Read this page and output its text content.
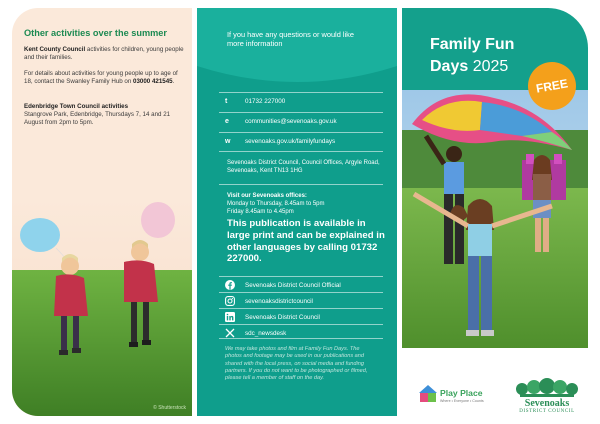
Other activities over the summer
Kent County Council activities for children, young people and their families.
For details about activities for young people up to age of 18, contact the Swanley Family Hub on 03000 421545.
Edenbridge Town Council activities
Stangrove Park, Edenbridge, Thursdays 7, 14 and 21 August from 2pm to 5pm.
© Shutterstock
If you have any questions or would like more information
t	01732 227000
e	communities@sevenoaks.gov.uk
w sevenoaks.gov.uk/familyfundays
Sevenoaks District Council, Council Offices, Argyle Road, Sevenoaks, Kent TN13 1HG
Visit our Sevenoaks offices:
Monday to Thursday, 8.45am to 5pm
Friday 8.45am to 4.45pm
This publication is available in large print and can be explained in other languages by calling 01732 227000.
Sevenoaks District Council Official
sevenoaksdistrictcouncil
Sevenoaks District Council
sdc_newsdesk
We may take photos and film at Family Fun Days. The photos and footage may be used in our publications and shared with the local press, on social media and funding partners. If you do not want to be photographed or filmed, please tell a member of staff on the day.
Family Fun
Days 2025
FREE
Play Place
Where • Everyone • Counts	Sevenoaks
DISTRICT COUNCIL
